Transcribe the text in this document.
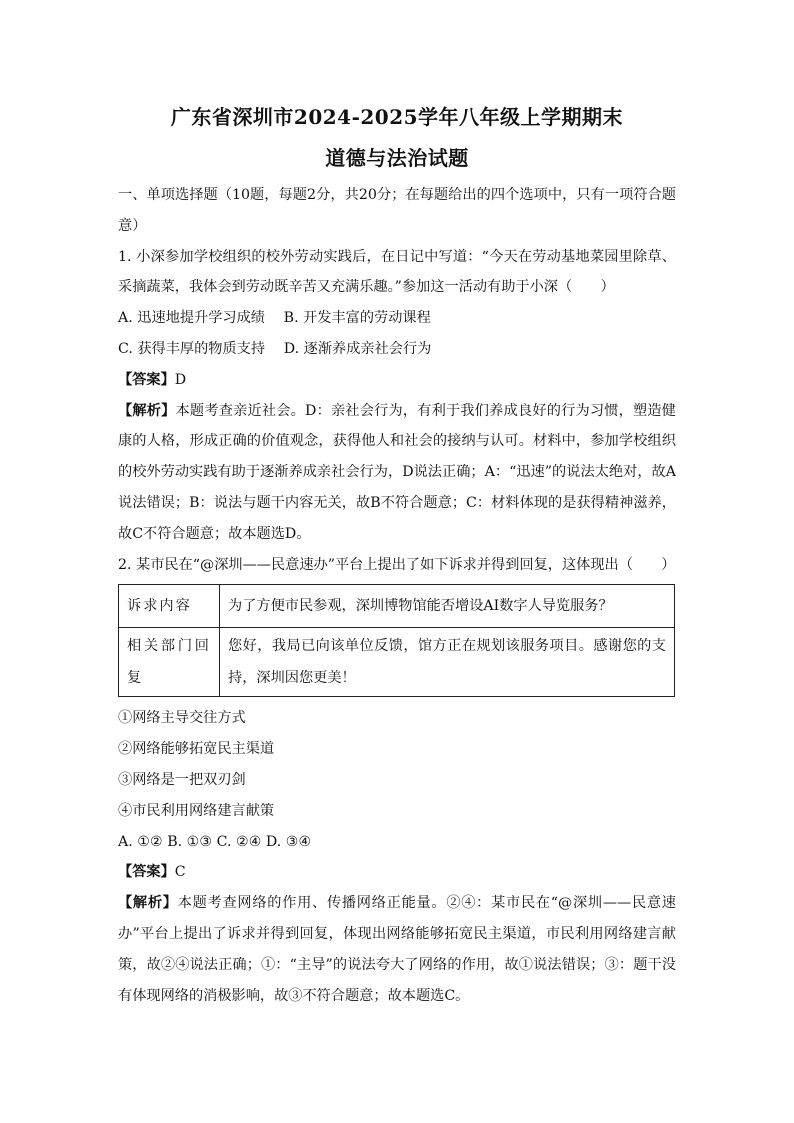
广东省深圳市2024-2025学年八年级上学期期末
道德与法治试题

一、单项选择题（10题，每题2分，共20分；在每题给出的四个选项中，只有一项符合题意）

1. 小深参加学校组织的校外劳动实践后，在日记中写道：“今天在劳动基地菜园里除草、采摘蔬菜，我体会到劳动既辛苦又充满乐趣。”参加这一活动有助于小深（　　）

A. 迅速地提升学习成绩　 B. 开发丰富的劳动课程

C. 获得丰厚的物质支持　 D. 逐渐养成亲社会行为

【答案】D

【解析】本题考查亲近社会。D：亲社会行为，有利于我们养成良好的行为习惯，塑造健康的人格，形成正确的价值观念，获得他人和社会的接纳与认可。材料中，参加学校组织的校外劳动实践有助于逐渐养成亲社会行为，D说法正确；A：“迅速”的说法太绝对，故A说法错误；B：说法与题干内容无关，故B不符合题意；C：材料体现的是获得精神滋养，故C不符合题意；故本题选D。

2. 某市民在“@深圳——民意速办”平台上提出了如下诉求并得到回复，这体现出（　　）

诉求内容	为了方便市民参观，深圳博物馆能否增设AI数字人导览服务？
相关部门回复	您好，我局已向该单位反馈，馆方正在规划该服务项目。感谢您的支持，深圳因您更美！

①网络主导交往方式

②网络能够拓宽民主渠道

③网络是一把双刃剑

④市民利用网络建言献策

A. ①② B. ①③ C. ②④ D. ③④

【答案】C

【解析】本题考查网络的作用、传播网络正能量。②④：某市民在“@深圳——民意速办”平台上提出了诉求并得到回复，体现出网络能够拓宽民主渠道，市民利用网络建言献策，故②④说法正确；①：“主导”的说法夸大了网络的作用，故①说法错误；③：题干没有体现网络的消极影响，故③不符合题意；故本题选C。
